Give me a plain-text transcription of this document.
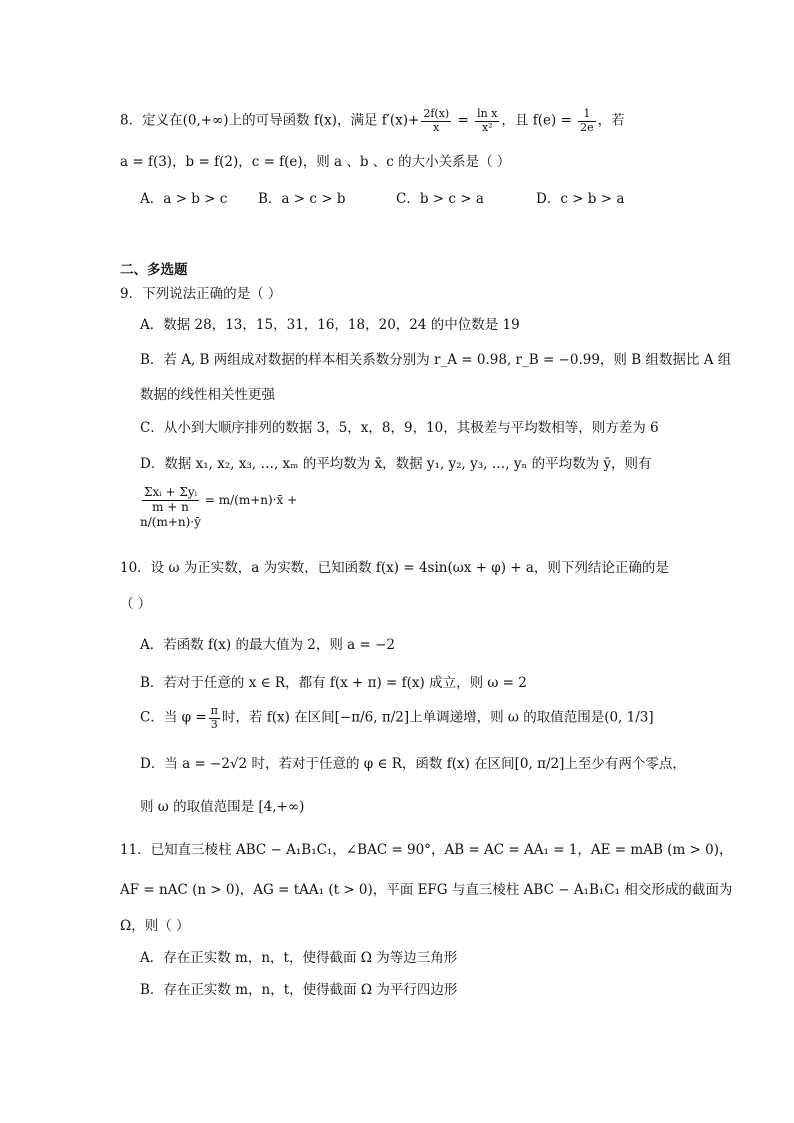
8．定义在(0,+∞)上的可导函数 f(x)，满足 $f'(x)+ \frac{2f(x)}{x} = \frac{\text{ln x}}{\text{x²}}$ ，且 $f(e) = \frac{1}{2e}$ ，若
a = f(3)，b = f(2)，c = f(e)，则 a 、b 、c 的大小关系是（ ）
A．a > b > c B．a > c > b	C．b > c > a	D．c > b > a
二、多选题
9．下列说法正确的是（ ）
A．数据 28，13，15，31，16，18，20，24 的中位数是 19
B．若 A, B 两组成对数据的样本相关系数分别为 r_A = 0.98, r_B = −0.99，则 B 组数据比 A 组
数据的线性相关性更强
C．从小到大顺序排列的数据 3，5，x，8，9，10，其极差与平均数相等，则方差为 6
D．数据 x₁, x₂, x₃, …, xₘ 的平均数为 x̄，数据 y₁, y₂, y₃, …, yₙ 的平均数为 ȳ，则有
$\frac{\text{Σxᵢ + Σyᵢ}}{m + n}$ = m/(m+n)·x̄ + n/(m+n)·ȳ
10．设 ω 为正实数，a 为实数，已知函数 f(x) = 4sin(ωx + φ) + a，则下列结论正确的是
（ ）
A．若函数 f(x) 的最大值为 2，则 a = −2
B．若对于任意的 x ∈ R，都有 f(x + π) = f(x) 成立，则 ω = 2
C．当 $\varphi = \frac{\pi}{3}$ 时，若 f(x) 在区间[−π/6, π/2]上单调递增，则 ω 的取值范围是(0, 1/3]
D．当 a = −2√2 时，若对于任意的 φ ∈ R，函数 f(x) 在区间[0, π/2]上至少有两个零点，
则 ω 的取值范围是 [4,+∞)
11．已知直三棱柱 ABC − A₁B₁C₁，∠BAC = 90°，AB = AC = AA₁ = 1，AE = mAB (m > 0)，
AF = nAC (n > 0)，AG = tAA₁ (t > 0)，平面 EFG 与直三棱柱 ABC − A₁B₁C₁ 相交形成的截面为
Ω，则（ ）
A．存在正实数 m，n，t，使得截面 Ω 为等边三角形
B．存在正实数 m，n，t，使得截面 Ω 为平行四边形
